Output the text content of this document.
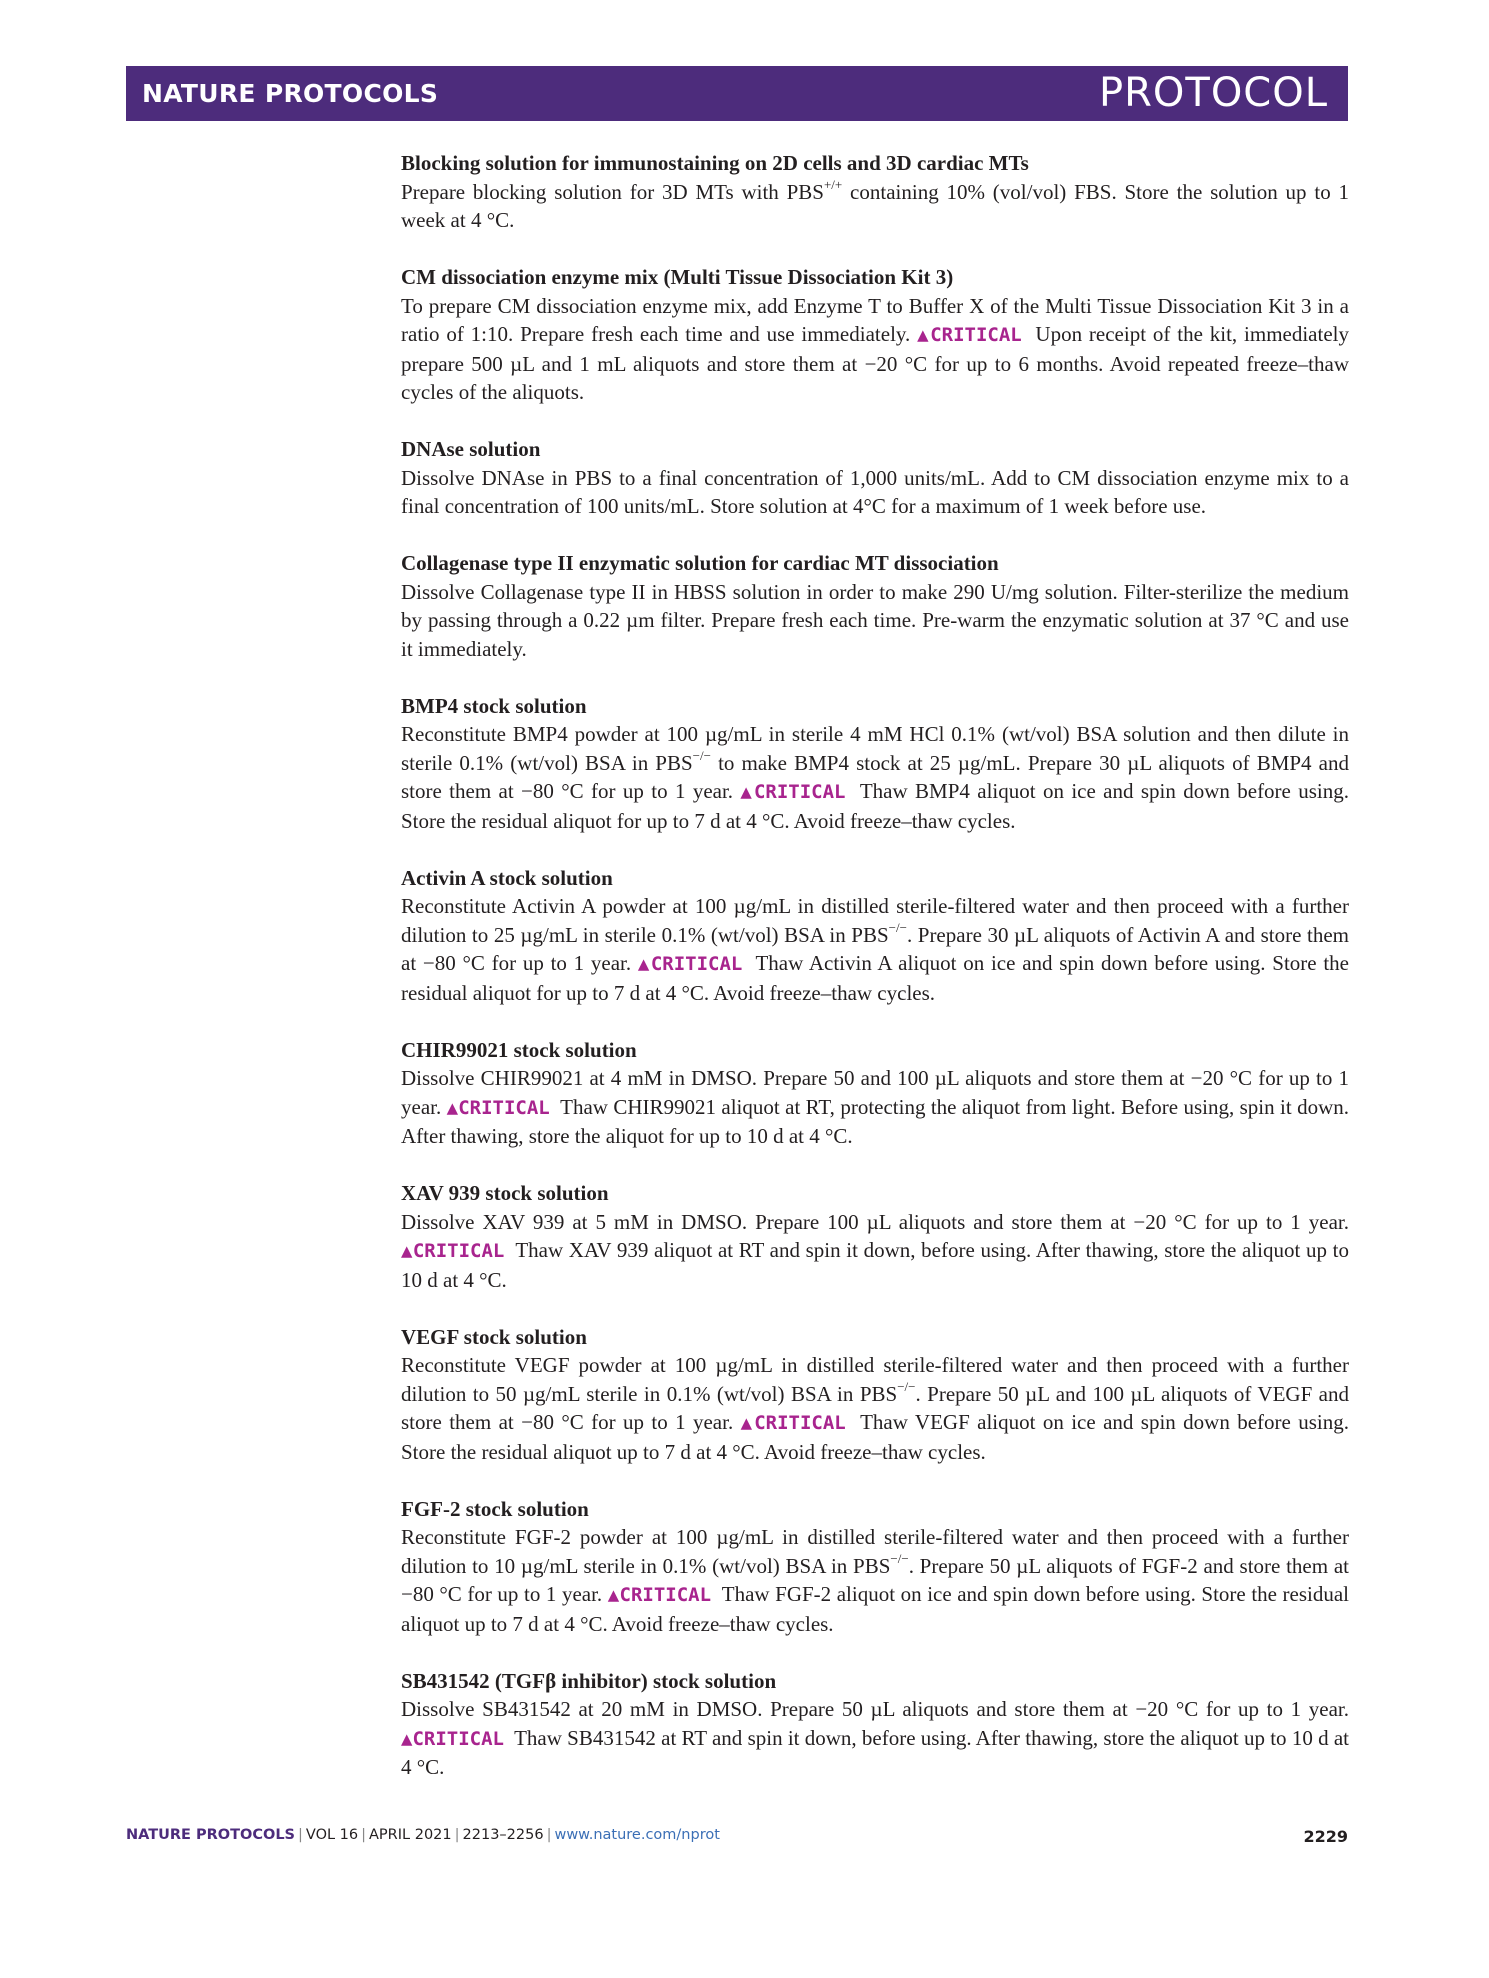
NATURE PROTOCOLS	PROTOCOL

Blocking solution for immunostaining on 2D cells and 3D cardiac MTs

Prepare blocking solution for 3D MTs with PBS+/+ containing 10% (vol/vol) FBS. Store the solution up to 1 week at 4 °C.

CM dissociation enzyme mix (Multi Tissue Dissociation Kit 3)

To prepare CM dissociation enzyme mix, add Enzyme T to Buffer X of the Multi Tissue Dissociation Kit 3 in a ratio of 1:10. Prepare fresh each time and use immediately. ▲CRITICAL Upon receipt of the kit, immediately prepare 500 µL and 1 mL aliquots and store them at −20 °C for up to 6 months. Avoid repeated freeze–thaw cycles of the aliquots.

DNAse solution

Dissolve DNAse in PBS to a final concentration of 1,000 units/mL. Add to CM dissociation enzyme mix to a final concentration of 100 units/mL. Store solution at 4°C for a maximum of 1 week before use.

Collagenase type II enzymatic solution for cardiac MT dissociation

Dissolve Collagenase type II in HBSS solution in order to make 290 U/mg solution. Filter-sterilize the medium by passing through a 0.22 µm filter. Prepare fresh each time. Pre-warm the enzymatic solution at 37 °C and use it immediately.

BMP4 stock solution

Reconstitute BMP4 powder at 100 µg/mL in sterile 4 mM HCl 0.1% (wt/vol) BSA solution and then dilute in sterile 0.1% (wt/vol) BSA in PBS−/− to make BMP4 stock at 25 µg/mL. Prepare 30 µL aliquots of BMP4 and store them at −80 °C for up to 1 year. ▲CRITICAL Thaw BMP4 aliquot on ice and spin down before using. Store the residual aliquot for up to 7 d at 4 °C. Avoid freeze–thaw cycles.

Activin A stock solution

Reconstitute Activin A powder at 100 µg/mL in distilled sterile-filtered water and then proceed with a further dilution to 25 µg/mL in sterile 0.1% (wt/vol) BSA in PBS−/−. Prepare 30 µL aliquots of Activin A and store them at −80 °C for up to 1 year. ▲CRITICAL Thaw Activin A aliquot on ice and spin down before using. Store the residual aliquot for up to 7 d at 4 °C. Avoid freeze–thaw cycles.

CHIR99021 stock solution

Dissolve CHIR99021 at 4 mM in DMSO. Prepare 50 and 100 µL aliquots and store them at −20 °C for up to 1 year. ▲CRITICAL Thaw CHIR99021 aliquot at RT, protecting the aliquot from light. Before using, spin it down. After thawing, store the aliquot for up to 10 d at 4 °C.

XAV 939 stock solution

Dissolve XAV 939 at 5 mM in DMSO. Prepare 100 µL aliquots and store them at −20 °C for up to 1 year. ▲CRITICAL Thaw XAV 939 aliquot at RT and spin it down, before using. After thawing, store the aliquot up to 10 d at 4 °C.

VEGF stock solution

Reconstitute VEGF powder at 100 µg/mL in distilled sterile-filtered water and then proceed with a further dilution to 50 µg/mL sterile in 0.1% (wt/vol) BSA in PBS−/−. Prepare 50 µL and 100 µL aliquots of VEGF and store them at −80 °C for up to 1 year. ▲CRITICAL Thaw VEGF aliquot on ice and spin down before using. Store the residual aliquot up to 7 d at 4 °C. Avoid freeze–thaw cycles.

FGF-2 stock solution

Reconstitute FGF-2 powder at 100 µg/mL in distilled sterile-filtered water and then proceed with a further dilution to 10 µg/mL sterile in 0.1% (wt/vol) BSA in PBS−/−. Prepare 50 µL aliquots of FGF-2 and store them at −80 °C for up to 1 year. ▲CRITICAL Thaw FGF-2 aliquot on ice and spin down before using. Store the residual aliquot up to 7 d at 4 °C. Avoid freeze–thaw cycles.

SB431542 (TGFβ inhibitor) stock solution

Dissolve SB431542 at 20 mM in DMSO. Prepare 50 µL aliquots and store them at −20 °C for up to 1 year. ▲CRITICAL Thaw SB431542 at RT and spin it down, before using. After thawing, store the aliquot up to 10 d at 4 °C.

NATURE PROTOCOLS | VOL 16 | APRIL 2021 | 2213–2256 | www.nature.com/nprot	2229
